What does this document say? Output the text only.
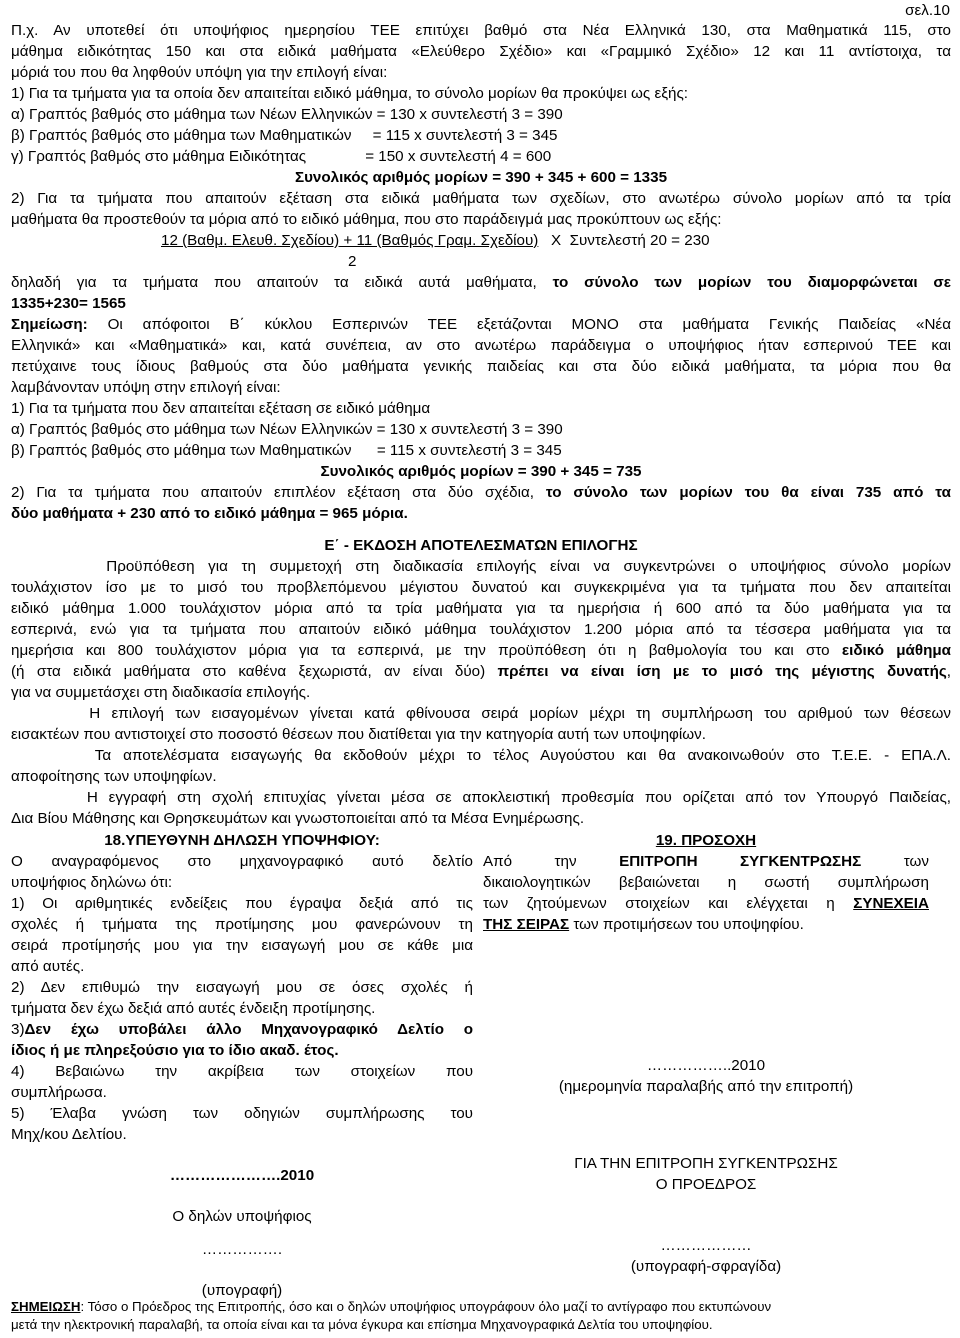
σελ.10
Π.χ. Αν υποτεθεί ότι υποψήφιος ημερησίου ΤΕΕ επιτύχει βαθμό στα Νέα Ελληνικά 130, στα Μαθηματικά 115, στο
μάθημα ειδικότητας 150 και στα ειδικά μαθήματα «Ελεύθερο Σχέδιο» και «Γραμμικό Σχέδιο» 12 και 11 αντίστοιχα, τα
μόριά του που θα ληφθούν υπόψη για την επιλογή είναι:
1) Για τα τμήματα για τα οποία δεν απαιτείται ειδικό μάθημα, το σύνολο μορίων θα προκύψει ως εξής:
α) Γραπτός βαθμός στο μάθημα των Νέων Ελληνικών = 130 x συντελεστή 3 = 390
β) Γραπτός βαθμός στο μάθημα των Μαθηματικών     = 115 x συντελεστή 3 = 345
γ) Γραπτός βαθμός στο μάθημα Ειδικότητας              = 150 x συντελεστή 4 = 600
Συνολικός αριθμός μορίων = 390 + 345 + 600 = 1335
2) Για τα τμήματα που απαιτούν εξέταση στα ειδικά μαθήματα των σχεδίων, στο ανωτέρω σύνολο μορίων από τα τρία
μαθήματα θα προστεθούν τα μόρια από το ειδικό μάθημα, που στο παράδειγμά μας προκύπτουν ως εξής:
12 (Βαθμ. Ελευθ. Σχεδίου) + 11 (Βαθμός Γραμ. Σχεδίου)   Χ  Συντελεστή 20 = 230
2
δηλαδή για τα τμήματα που απαιτούν τα ειδικά αυτά μαθήματα, το σύνολο των μορίων του διαμορφώνεται σε
1335+230= 1565
Σημείωση: Οι απόφοιτοι Β΄ κύκλου Εσπερινών ΤΕΕ εξετάζονται ΜΟΝΟ στα μαθήματα Γενικής Παιδείας «Νέα
Ελληνικά» και «Μαθηματικά» και, κατά συνέπεια, αν στο ανωτέρω παράδειγμα ο υποψήφιος ήταν εσπερινού ΤΕΕ και
πετύχαινε τους ίδιους βαθμούς στα δύο μαθήματα γενικής παιδείας και στα δύο ειδικά μαθήματα, τα μόρια που θα
λαμβάνονταν υπόψη στην επιλογή είναι:
1) Για τα τμήματα που δεν απαιτείται εξέταση σε ειδικό μάθημα
α) Γραπτός βαθμός στο μάθημα των Νέων Ελληνικών = 130 x συντελεστή 3 = 390
β) Γραπτός βαθμός στο μάθημα των Μαθηματικών      = 115 x συντελεστή 3 = 345
Συνολικός αριθμός μορίων = 390 + 345 = 735
2) Για τα τμήματα που απαιτούν επιπλέον εξέταση στα δύο σχέδια, το σύνολο των μορίων του θα είναι 735 από τα
δύο μαθήματα + 230 από το ειδικό μάθημα = 965 μόρια.
Ε΄ - ΕΚΔΟΣΗ ΑΠΟΤΕΛΕΣΜΑΤΩΝ ΕΠΙΛΟΓΗΣ
Προϋπόθεση για τη συμμετοχή στη διαδικασία επιλογής είναι να συγκεντρώνει ο υποψήφιος σύνολο μορίων
τουλάχιστον ίσο με το μισό του προβλεπόμενου μέγιστου δυνατού και συγκεκριμένα για τα τμήματα που δεν απαιτείται
ειδικό μάθημα 1.000 τουλάχιστον μόρια από τα τρία μαθήματα για τα ημερήσια ή 600 από τα δύο μαθήματα για τα
εσπερινά, ενώ για τα τμήματα που απαιτούν ειδικό μάθημα τουλάχιστον 1.200 μόρια από τα τέσσερα μαθήματα για τα
ημερήσια και 800 τουλάχιστον μόρια για τα εσπερινά, με την προϋπόθεση ότι η βαθμολογία του και στο ειδικό μάθημα
(ή στα ειδικά μαθήματα στο καθένα ξεχωριστά, αν είναι δύο) πρέπει να είναι ίση με το μισό της μέγιστης δυνατής,
για να συμμετάσχει στη διαδικασία επιλογής.
Η επιλογή των εισαγομένων γίνεται κατά φθίνουσα σειρά μορίων μέχρι τη συμπλήρωση του αριθμού των θέσεων
εισακτέων που αντιστοιχεί στο ποσοστό θέσεων που διατίθεται για την κατηγορία αυτή των υποψηφίων.
Τα αποτελέσματα εισαγωγής θα εκδοθούν μέχρι το τέλος Αυγούστου και θα ανακοινωθούν στο Τ.Ε.Ε. - ΕΠΑ.Λ.
αποφοίτησης των υποψηφίων.
Η εγγραφή στη σχολή επιτυχίας γίνεται μέσα σε αποκλειστική προθεσμία που ορίζεται από τον Υπουργό Παιδείας,
Δια Βίου Μάθησης και Θρησκευμάτων και γνωστοποιείται από τα Μέσα Ενημέρωσης.
18.ΥΠΕΥΘΥΝΗ ΔΗΛΩΣΗ ΥΠΟΨΗΦΙΟΥ:
Ο αναγραφόμενος στο μηχανογραφικό αυτό δελτίο
υποψήφιος δηλώνω ότι:
1) Οι αριθμητικές ενδείξεις που έγραψα δεξιά από τις
σχολές ή τμήματα της προτίμησης μου φανερώνουν τη
σειρά προτίμησής μου για την εισαγωγή μου σε κάθε μια
από αυτές.
2) Δεν επιθυμώ την εισαγωγή μου σε όσες σχολές ή
τμήματα δεν έχω δεξιά από αυτές ένδειξη προτίμησης.
3)Δεν έχω υποβάλει άλλο Μηχανογραφικό Δελτίο ο
ίδιος ή με πληρεξούσιο για το ίδιο ακαδ. έτος.
4) Βεβαιώνω την ακρίβεια των στοιχείων που
συμπλήρωσα.
5) Έλαβα γνώση των οδηγιών συμπλήρωσης του
Μηχ/κου Δελτίου.
………………….2010
Ο δηλών υποψήφιος
…………….
(υπογραφή)
19. ΠΡΟΣΟΧΗ
Από την ΕΠΙΤΡΟΠΗ ΣΥΓΚΕΝΤΡΩΣΗΣ των
δικαιολογητικών βεβαιώνεται η σωστή συμπλήρωση
των ζητούμενων στοιχείων και ελέγχεται η ΣΥΝΕΧΕΙΑ
ΤΗΣ ΣΕΙΡΑΣ των προτιμήσεων του υποψηφίου.
……………..2010
(ημερομηνία παραλαβής από την επιτροπή)
ΓΙΑ ΤΗΝ ΕΠΙΤΡΟΠΗ ΣΥΓΚΕΝΤΡΩΣΗΣ
Ο ΠΡΟΕΔΡΟΣ
………………
(υπογραφή-σφραγίδα)
ΣΗΜΕΙΩΣΗ: Τόσο ο Πρόεδρος της Επιτροπής, όσο και ο δηλών υποψήφιος υπογράφουν όλο μαζί το αντίγραφο που εκτυπώνουν
μετά την ηλεκτρονική παραλαβή, τα οποία είναι και τα μόνα έγκυρα και επίσημα Μηχανογραφικά Δελτία του υποψηφίου.
